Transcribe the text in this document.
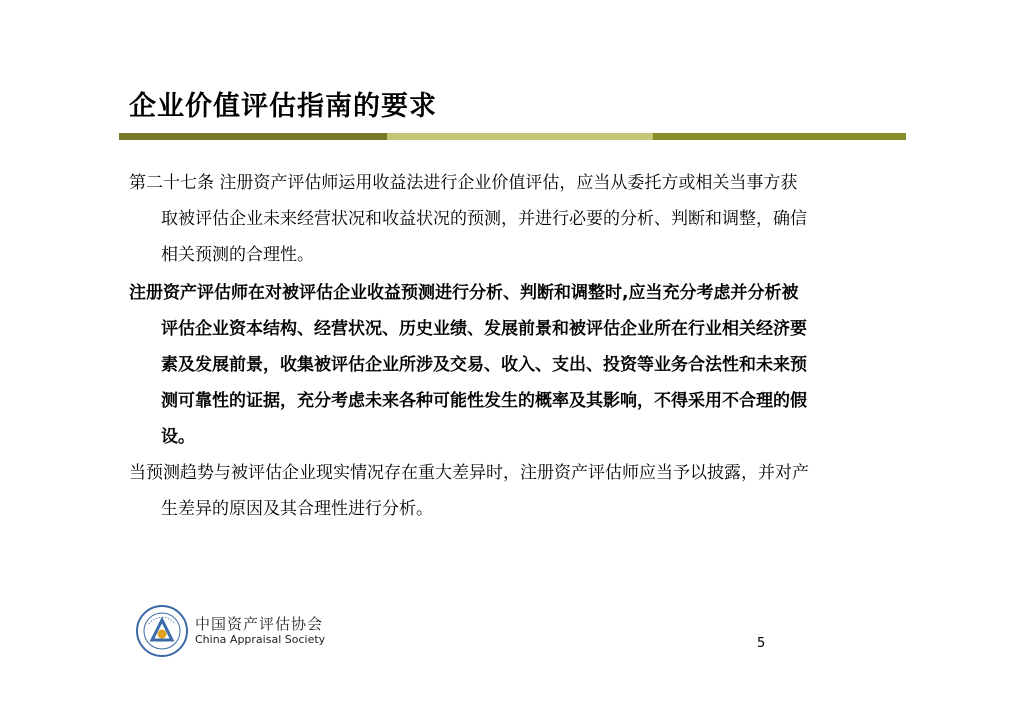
企业价值评估指南的要求
第二十七条 注册资产评估师运用收益法进行企业价值评估，应当从委托方或相关当事方获
取被评估企业未来经营状况和收益状况的预测，并进行必要的分析、判断和调整，确信
相关预测的合理性。
注册资产评估师在对被评估企业收益预测进行分析、判断和调整时,应当充分考虑并分析被
评估企业资本结构、经营状况、历史业绩、发展前景和被评估企业所在行业相关经济要
素及发展前景，收集被评估企业所涉及交易、收入、支出、投资等业务合法性和未来预
测可靠性的证据，充分考虑未来各种可能性发生的概率及其影响，不得采用不合理的假
设。
当预测趋势与被评估企业现实情况存在重大差异时，注册资产评估师应当予以披露，并对产
生差异的原因及其合理性进行分析。
中国资产评估协会
China Appraisal Society	5
